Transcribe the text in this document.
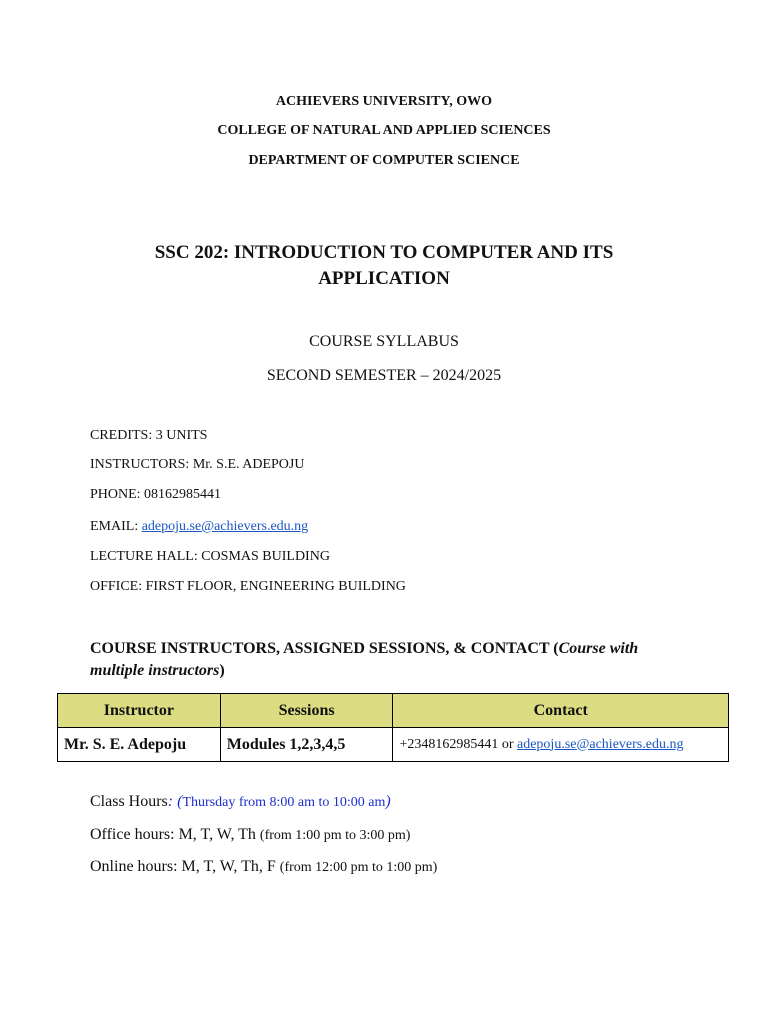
ACHIEVERS UNIVERSITY, OWO
COLLEGE OF NATURAL AND APPLIED SCIENCES
DEPARTMENT OF COMPUTER SCIENCE
SSC 202: INTRODUCTION TO COMPUTER AND ITS
APPLICATION
COURSE SYLLABUS
SECOND SEMESTER – 2024/2025
CREDITS: 3 UNITS
INSTRUCTORS: Mr. S.E. ADEPOJU
PHONE: 08162985441
EMAIL: adepoju.se@achievers.edu.ng
LECTURE HALL: COSMAS BUILDING
OFFICE: FIRST FLOOR, ENGINEERING BUILDING
COURSE INSTRUCTORS, ASSIGNED SESSIONS, & CONTACT (Course with multiple instructors)
Instructor	Sessions	Contact
Mr. S. E. Adepoju	Modules 1,2,3,4,5	+2348162985441 or adepoju.se@achievers.edu.ng
Class Hours: (Thursday from 8:00 am to 10:00 am)
Office hours: M, T, W, Th (from 1:00 pm to 3:00 pm)
Online hours: M, T, W, Th, F (from 12:00 pm to 1:00 pm)
